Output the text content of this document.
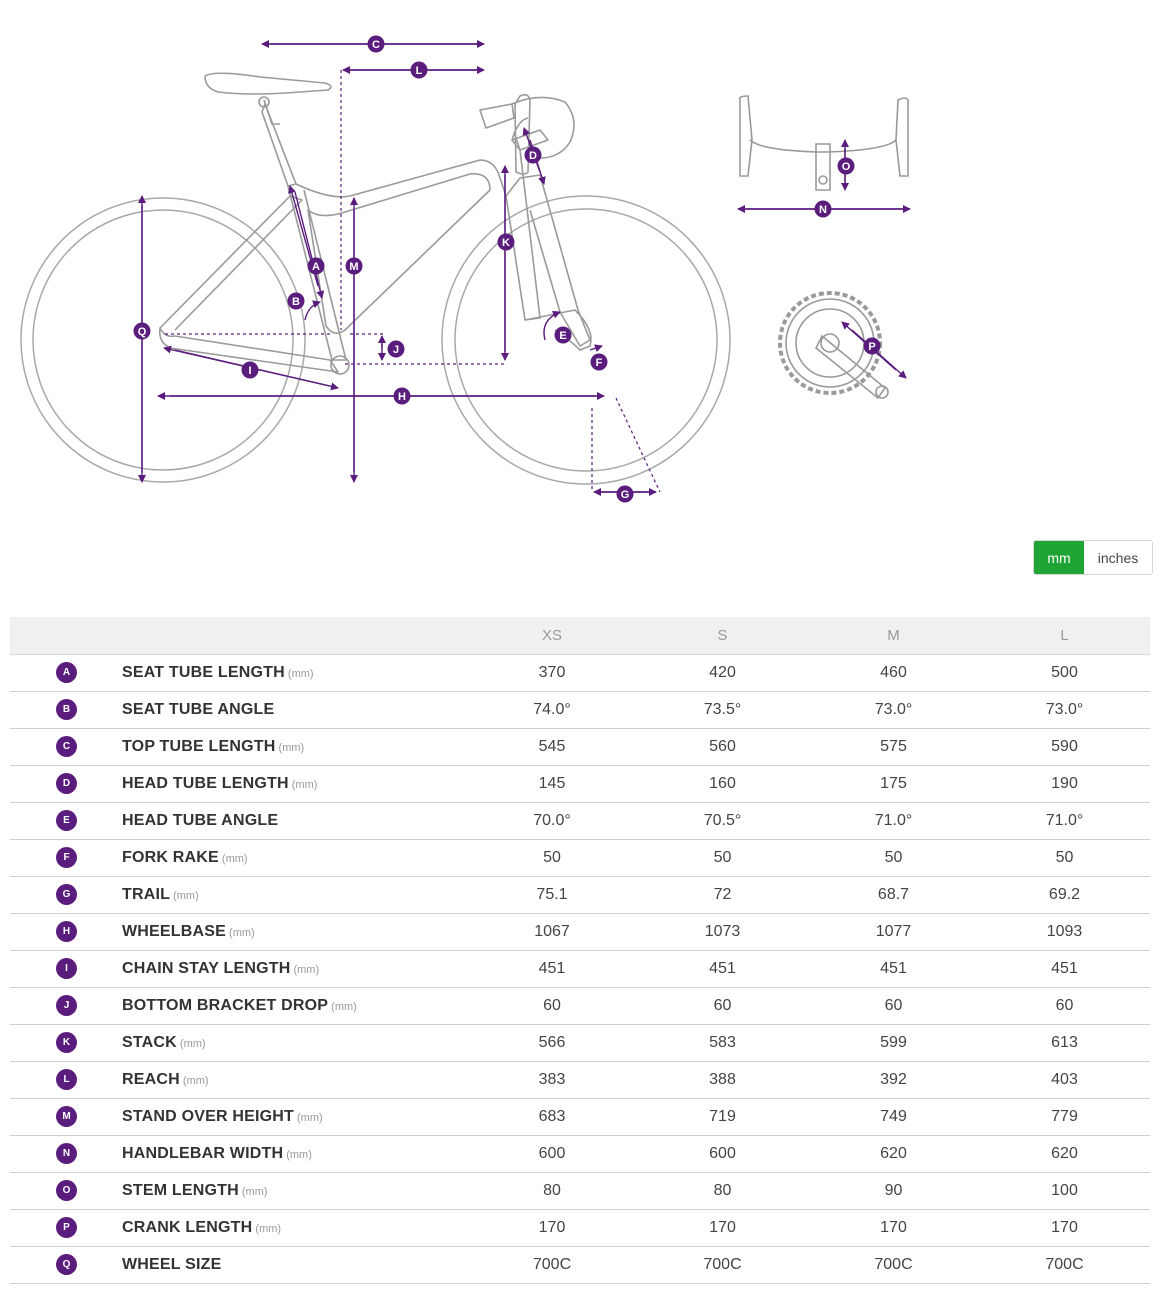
A
B
C
D
E
F
G
H
I
J
K
L
M
N
O
P
Q
mm	inches
		XS	S	M	L
A	SEAT TUBE LENGTH (mm)	370	420	460	500
B	SEAT TUBE ANGLE	74.0°	73.5°	73.0°	73.0°
C	TOP TUBE LENGTH (mm)	545	560	575	590
D	HEAD TUBE LENGTH (mm)	145	160	175	190
E	HEAD TUBE ANGLE	70.0°	70.5°	71.0°	71.0°
F	FORK RAKE (mm)	50	50	50	50
G	TRAIL (mm)	75.1	72	68.7	69.2
H	WHEELBASE (mm)	1067	1073	1077	1093
I	CHAIN STAY LENGTH (mm)	451	451	451	451
J	BOTTOM BRACKET DROP (mm)	60	60	60	60
K	STACK (mm)	566	583	599	613
L	REACH (mm)	383	388	392	403
M	STAND OVER HEIGHT (mm)	683	719	749	779
N	HANDLEBAR WIDTH (mm)	600	600	620	620
O	STEM LENGTH (mm)	80	80	90	100
P	CRANK LENGTH (mm)	170	170	170	170
Q	WHEEL SIZE	700C	700C	700C	700C
